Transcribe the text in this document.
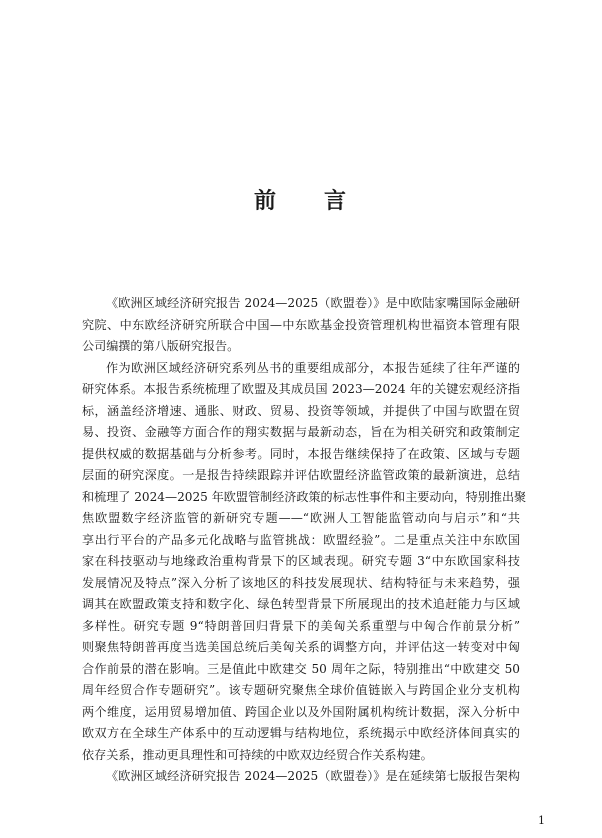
前 言
《欧洲区域经济研究报告 2024—2025（欧盟卷）》是中欧陆家嘴国际金融研
究院、中东欧经济研究所联合中国—中东欧基金投资管理机构世福资本管理有限
公司编撰的第八版研究报告。
作为欧洲区域经济研究系列丛书的重要组成部分，本报告延续了往年严谨的
研究体系。本报告系统梳理了欧盟及其成员国 2023—2024 年的关键宏观经济指
标，涵盖经济增速、通胀、财政、贸易、投资等领域，并提供了中国与欧盟在贸
易、投资、金融等方面合作的翔实数据与最新动态，旨在为相关研究和政策制定
提供权威的数据基础与分析参考。同时，本报告继续保持了在政策、区域与专题
层面的研究深度。一是报告持续跟踪并评估欧盟经济监管政策的最新演进，总结
和梳理了 2024—2025 年欧盟管制经济政策的标志性事件和主要动向，特别推出聚
焦欧盟数字经济监管的新研究专题——“欧洲人工智能监管动向与启示”和“共
享出行平台的产品多元化战略与监管挑战：欧盟经验”。二是重点关注中东欧国
家在科技驱动与地缘政治重构背景下的区域表现。研究专题 3“中东欧国家科技
发展情况及特点”深入分析了该地区的科技发展现状、结构特征与未来趋势，强
调其在欧盟政策支持和数字化、绿色转型背景下所展现出的技术追赶能力与区域
多样性。研究专题 9“特朗普回归背景下的美匈关系重塑与中匈合作前景分析”
则聚焦特朗普再度当选美国总统后美匈关系的调整方向，并评估这一转变对中匈
合作前景的潜在影响。三是值此中欧建交 50 周年之际，特别推出“中欧建交 50
周年经贸合作专题研究”。该专题研究聚焦全球价值链嵌入与跨国企业分支机构
两个维度，运用贸易增加值、跨国企业以及外国附属机构统计数据，深入分析中
欧双方在全球生产体系中的互动逻辑与结构地位，系统揭示中欧经济体间真实的
依存关系，推动更具理性和可持续的中欧双边经贸合作关系构建。
《欧洲区域经济研究报告 2024—2025（欧盟卷）》是在延续第七版报告架构
1
